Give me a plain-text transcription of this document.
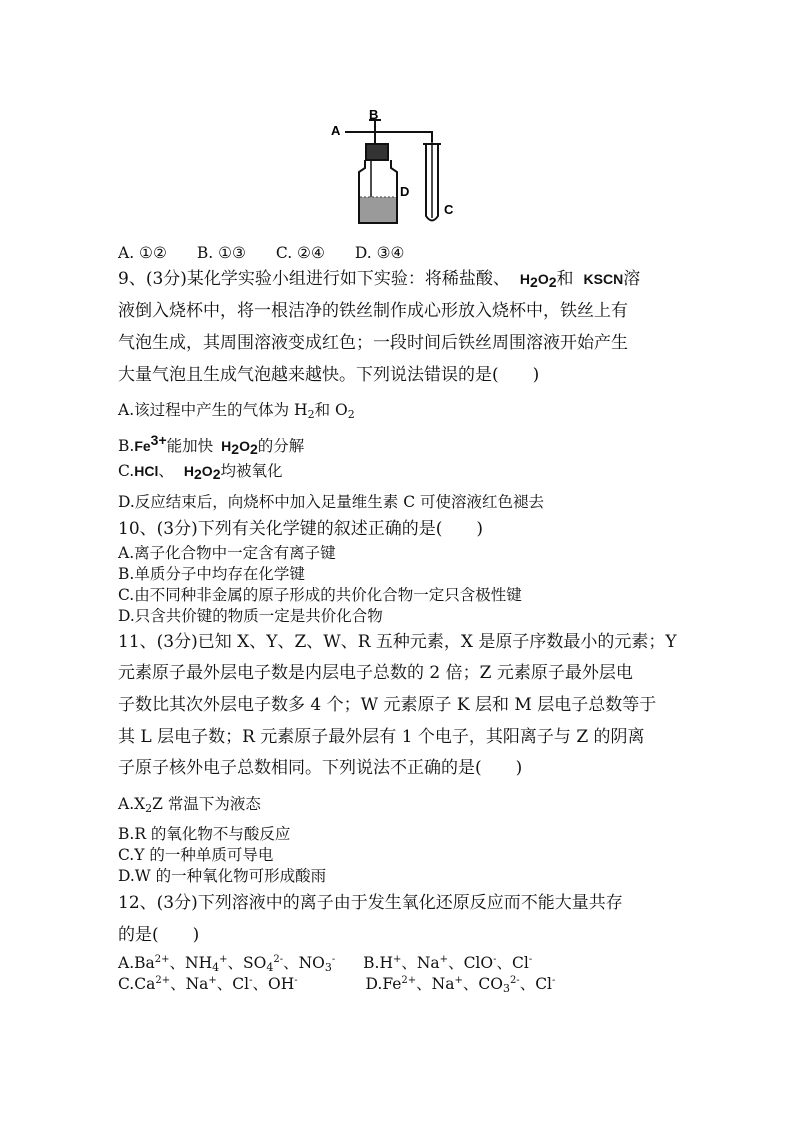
A
B
D
C
A. ①② B. ①③ C. ②④ D. ③④
9、(3分)某化学实验小组进行如下实验：将稀盐酸、 $H_2O_2$和 KSCN溶
液倒入烧杯中，将一根洁净的铁丝制作成心形放入烧杯中，铁丝上有
气泡生成，其周围溶液变成红色；一段时间后铁丝周围溶液开始产生
大量气泡且生成气泡越来越快。下列说法错误的是(　　)
A.该过程中产生的气体为 $H_2$和 $O_2$
B.Fe3+能加快 H2O2的分解
C.HCl、 H2O2均被氧化
D.反应结束后，向烧杯中加入足量维生素 C 可使溶液红色褪去
10、(3分)下列有关化学键的叙述正确的是(　　)
A.离子化合物中一定含有离子键
B.单质分子中均存在化学键
C.由不同种非金属的原子形成的共价化合物一定只含极性键
D.只含共价键的物质一定是共价化合物
11、(3分)已知 X、Y、Z、W、R 五种元素，X 是原子序数最小的元素；Y
元素原子最外层电子数是内层电子总数的 2 倍；Z 元素原子最外层电
子数比其次外层电子数多 4 个；W 元素原子 K 层和 M 层电子总数等于
其 L 层电子数；R 元素原子最外层有 1 个电子，其阳离子与 Z 的阴离
子原子核外电子总数相同。下列说法不正确的是(　　)
$A.X_2Z$ 常温下为液态
B.R 的氧化物不与酸反应
C.Y 的一种单质可导电
D.W 的一种氧化物可形成酸雨
12、(3分)下列溶液中的离子由于发生氧化还原反应而不能大量共存
的是(　　)
$A.Ba^{2+}$、$NH_4^+$、$SO_4^{2-}$、$NO_3^-$ B.H+、Na+、ClO-、Cl-
$C.Ca^{2+}$、Na+、Cl-、OH-	$D.Fe^{2+}$、Na+、$CO_3^{2-}$、Cl-
